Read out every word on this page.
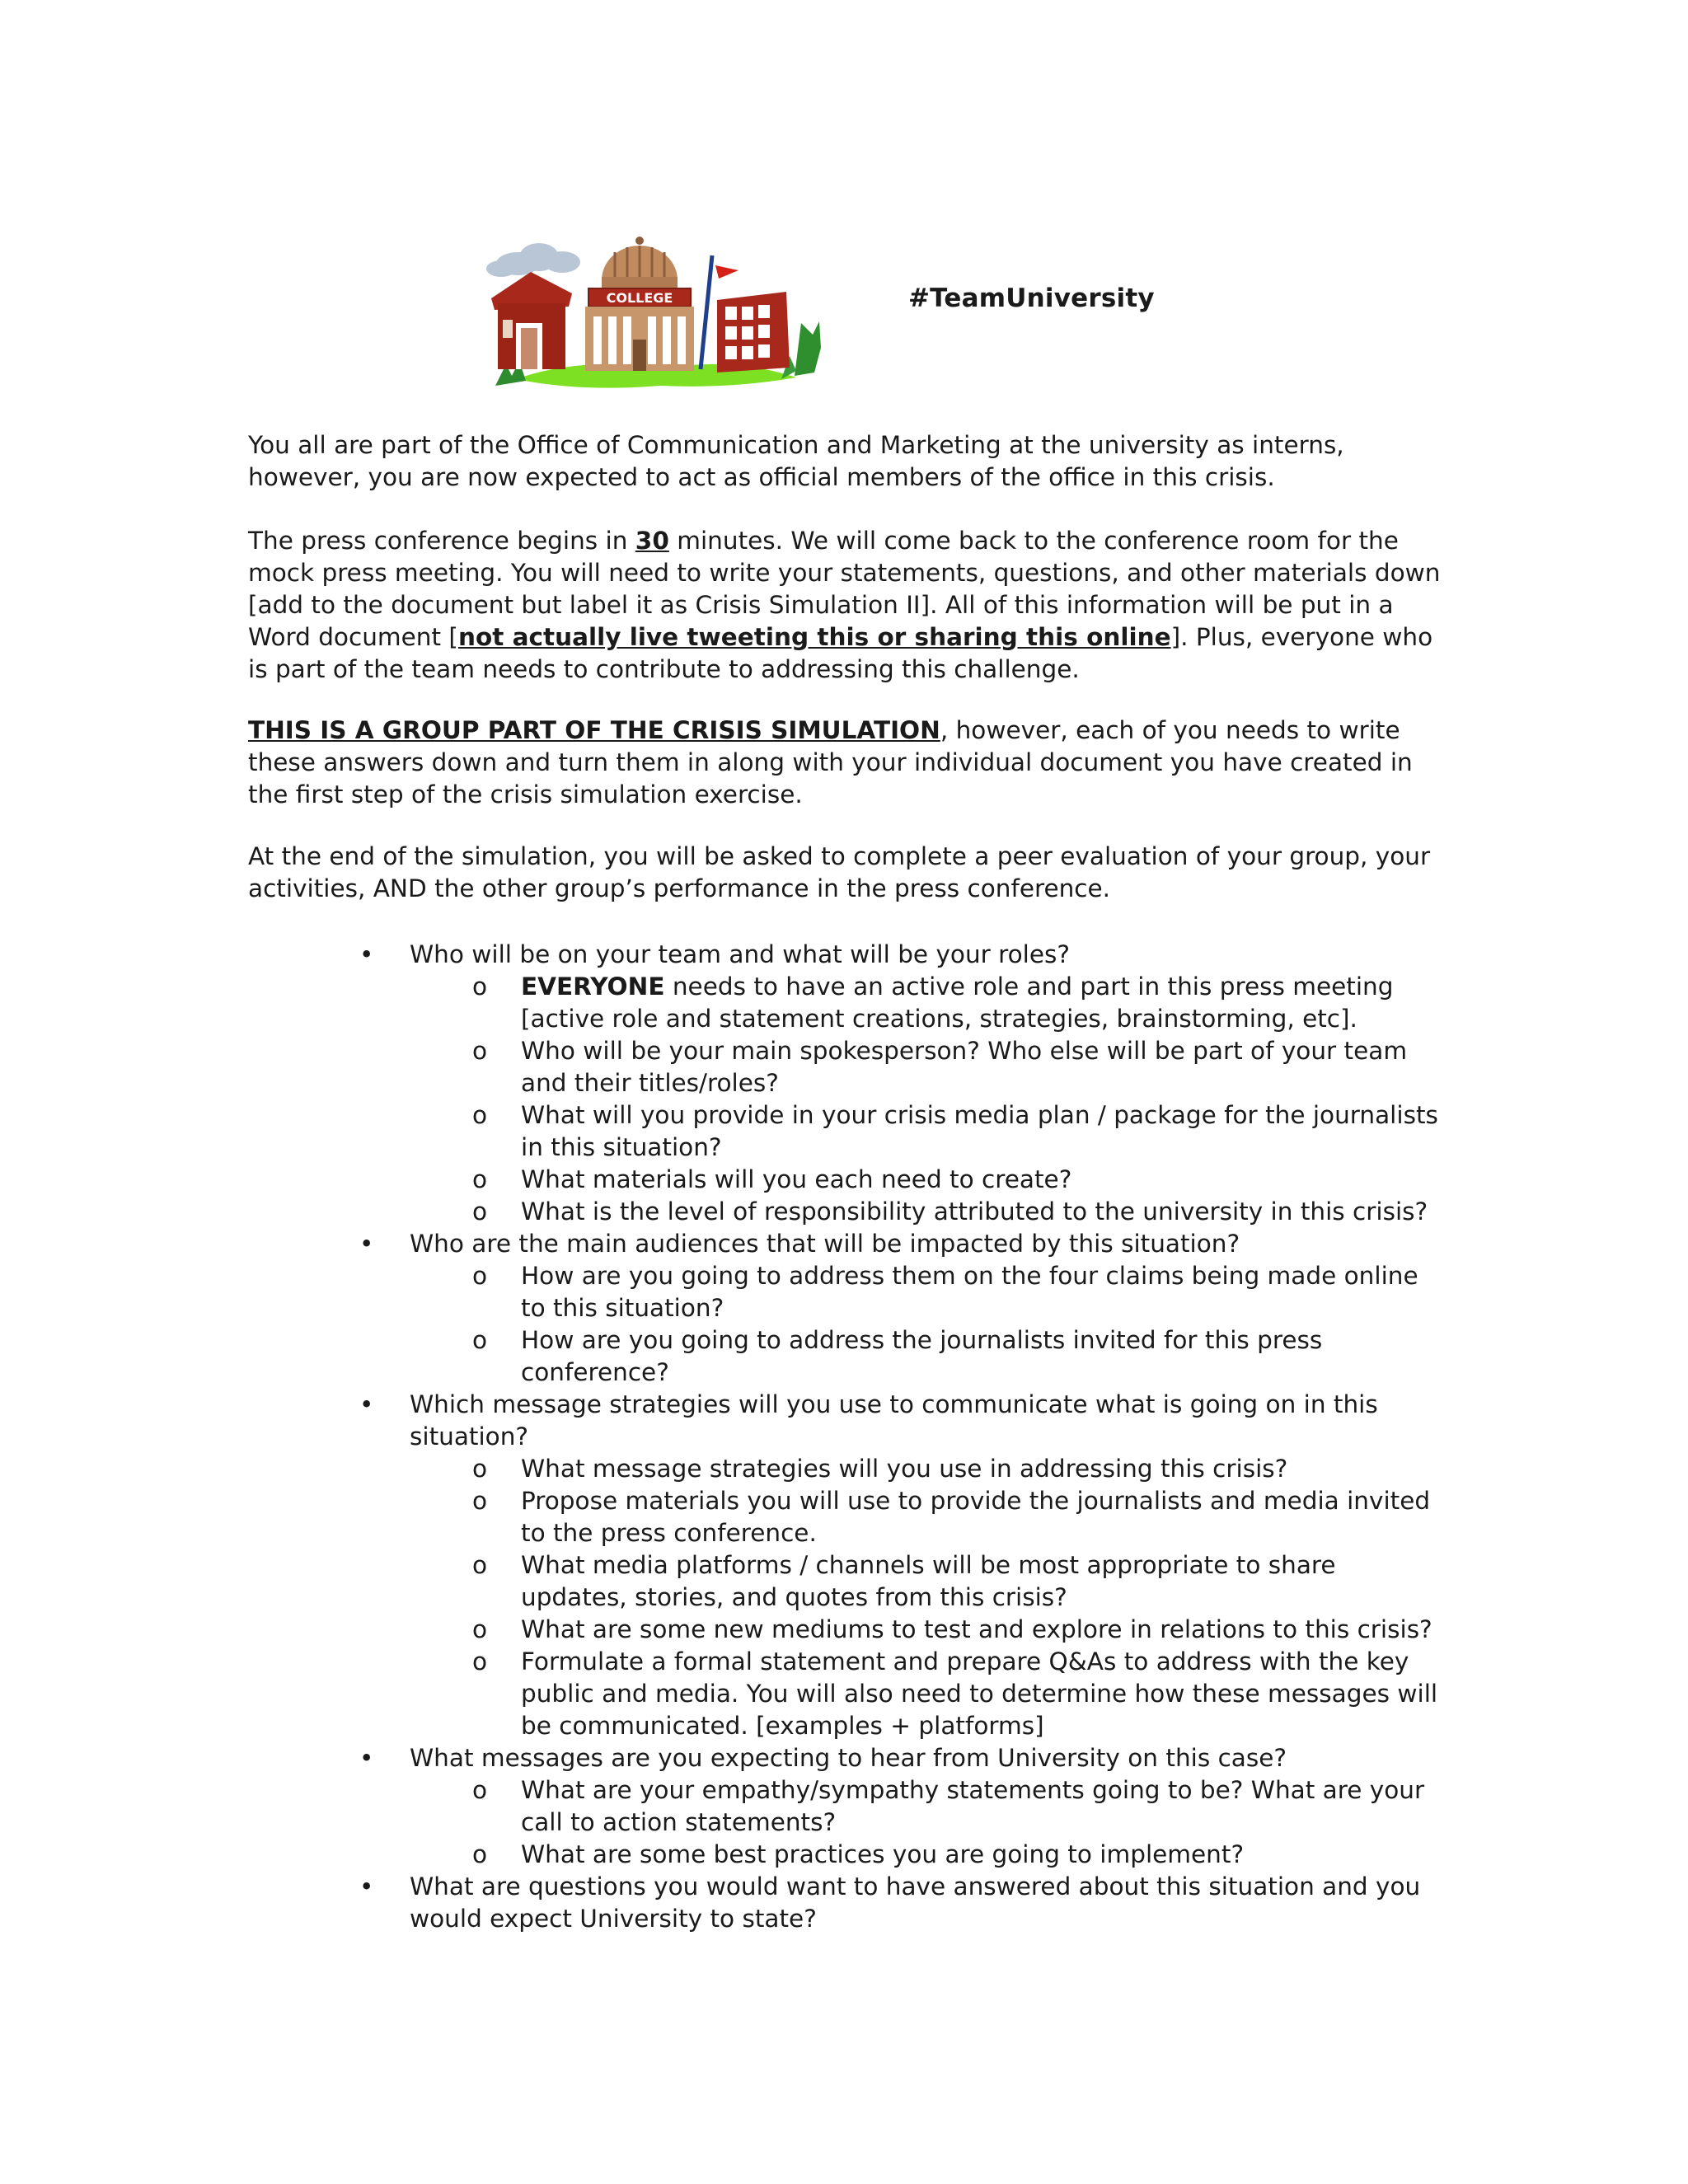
COLLEGE	#TeamUniversity

You all are part of the Office of Communication and Marketing at the university as interns, however, you are now expected to act as official members of the office in this crisis.

The press conference begins in 30 minutes. We will come back to the conference room for the mock press meeting. You will need to write your statements, questions, and other materials down [add to the document but label it as Crisis Simulation II]. All of this information will be put in a Word document [not actually live tweeting this or sharing this online]. Plus, everyone who is part of the team needs to contribute to addressing this challenge.

THIS IS A GROUP PART OF THE CRISIS SIMULATION, however, each of you needs to write these answers down and turn them in along with your individual document you have created in the first step of the crisis simulation exercise.

At the end of the simulation, you will be asked to complete a peer evaluation of your group, your activities, AND the other group’s performance in the press conference.

• Who will be on your team and what will be your roles?
o EVERYONE needs to have an active role and part in this press meeting [active role and statement creations, strategies, brainstorming, etc].
o Who will be your main spokesperson? Who else will be part of your team and their titles/roles?
o What will you provide in your crisis media plan / package for the journalists in this situation?
o What materials will you each need to create?
o What is the level of responsibility attributed to the university in this crisis?
• Who are the main audiences that will be impacted by this situation?
o How are you going to address them on the four claims being made online to this situation?
o How are you going to address the journalists invited for this press conference?
• Which message strategies will you use to communicate what is going on in this situation?
o What message strategies will you use in addressing this crisis?
o Propose materials you will use to provide the journalists and media invited to the press conference.
o What media platforms / channels will be most appropriate to share updates, stories, and quotes from this crisis?
o What are some new mediums to test and explore in relations to this crisis?
o Formulate a formal statement and prepare Q&As to address with the key public and media. You will also need to determine how these messages will be communicated. [examples + platforms]
• What messages are you expecting to hear from University on this case?
o What are your empathy/sympathy statements going to be? What are your call to action statements?
o What are some best practices you are going to implement?
• What are questions you would want to have answered about this situation and you would expect University to state?
